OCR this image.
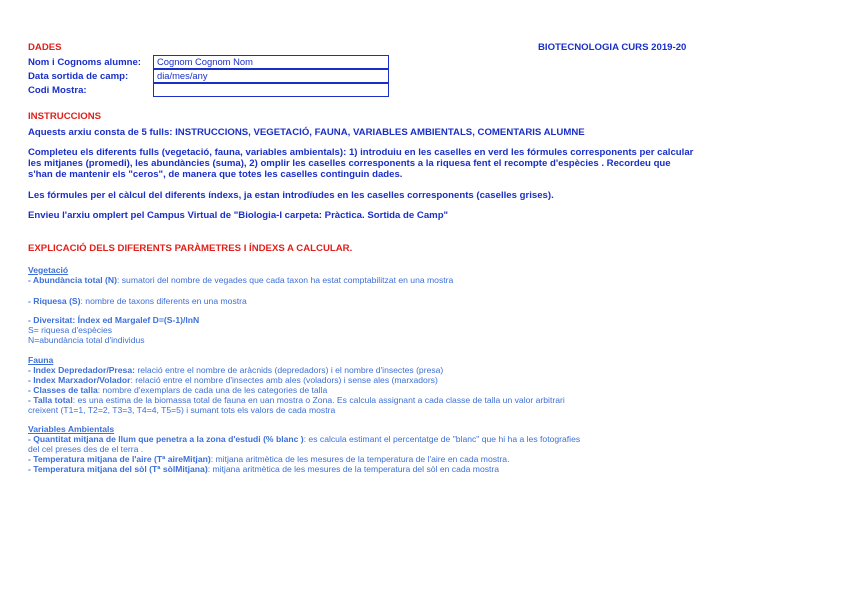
DADES	BIOTECNOLOGIA CURS 2019-20
Nom i Cognoms alumne: Cognom Cognom Nom
Data sortida de camp:	dia/mes/any
Codi Mostra:
INSTRUCCIONS
Aquests arxiu consta de 5 fulls: INSTRUCCIONS, VEGETACIÓ, FAUNA, VARIABLES AMBIENTALS, COMENTARIS ALUMNE

Completeu els diferents fulls (vegetació, fauna, variables ambientals): 1) introduiu en les caselles en verd les fórmules corresponents per calcular

les mitjanes (promedi), les abundàncies (suma), 2) omplir les caselles corresponents a la riquesa fent el recompte d'espècies . Recordeu que

s'han de mantenir els "ceros", de manera que totes les caselles continguin dades.

Les fórmules per el càlcul del diferents índexs, ja estan introdïudes en les caselles corresponents (caselles grises).
Envieu l'arxiu omplert pel Campus Virtual de "Biologia-I carpeta: Pràctica. Sortida de Camp"
EXPLICACIÓ DELS DIFERENTS PARÀMETRES I ÍNDEXS A CALCULAR.
Vegetació
- Abundància total (N): sumatori del nombre de vegades que cada taxon ha estat comptabilitzat en una mostra
- Riquesa (S): nombre de taxons diferents en una mostra

- Diversitat: Índex ed Margalef D=(S-1)/lnN

S= riquesa d'espècies

N=abundància total d'individus

Fauna

- Index Depredador/Presa: relació entre el nombre de aràcnids (depredadors) i el nombre d'insectes (presa)

- Index Marxador/Volador: relació entre el nombre d'insectes amb ales (voladors) i sense ales (marxadors)

- Classes de talla: nombre d'exemplars de cada una de les categories de talla

- Talla total: es una estima de la biomassa total de fauna en uan mostra o Zona. Es calcula assignant a cada classe de talla un valor arbitrari

creixent (T1=1, T2=2, T3=3, T4=4, T5=5) i sumant tots els valors de cada mostra

Variables Ambientals

- Quantitat mitjana de llum que penetra a la zona d'estudi (% blanc ): es calcula estimant el percentatge de "blanc" que hi ha a les fotografies

del cel preses des de el terra .

- Temperatura mitjana de l'aire (Tª aireMitjan): mitjana aritmètica de les mesures de la temperatura de l'aire en cada mostra.

- Temperatura mitjana del sòl (Tª sòlMitjana): mitjana aritmètica de les mesures de la temperatura del sòl en cada mostra
